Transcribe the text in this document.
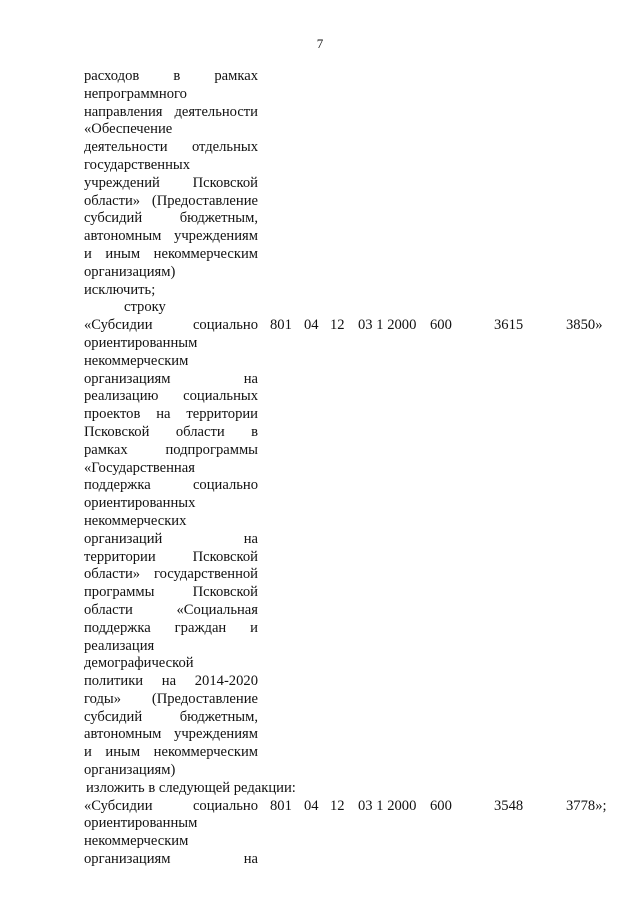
7
расходов в рамках
непрограммного
направления деятельности
«Обеспечение
деятельности отдельных
государственных
учреждений Псковской
области» (Предоставление
субсидий бюджетным,
автономным учреждениям
и иным некоммерческим
организациям)
исключить;
строку
«Субсидии социально
ориентированным
некоммерческим
организациям на
реализацию социальных
проектов на территории
Псковской области в
рамках подпрограммы
«Государственная
поддержка социально
ориентированных
некоммерческих
организаций на
территории Псковской
области» государственной
программы Псковской
области «Социальная
поддержка граждан и
реализация
демографической
политики на 2014-2020
годы» (Предоставление
субсидий бюджетным,
автономным учреждениям
и иным некоммерческим
организациям)
801 04 12 03 1 2000 600	3615	3850»
изложить в следующей редакции:
«Субсидии социально
ориентированным
некоммерческим
организациям на
801 04 12 03 1 2000 600	3548	3778»;
